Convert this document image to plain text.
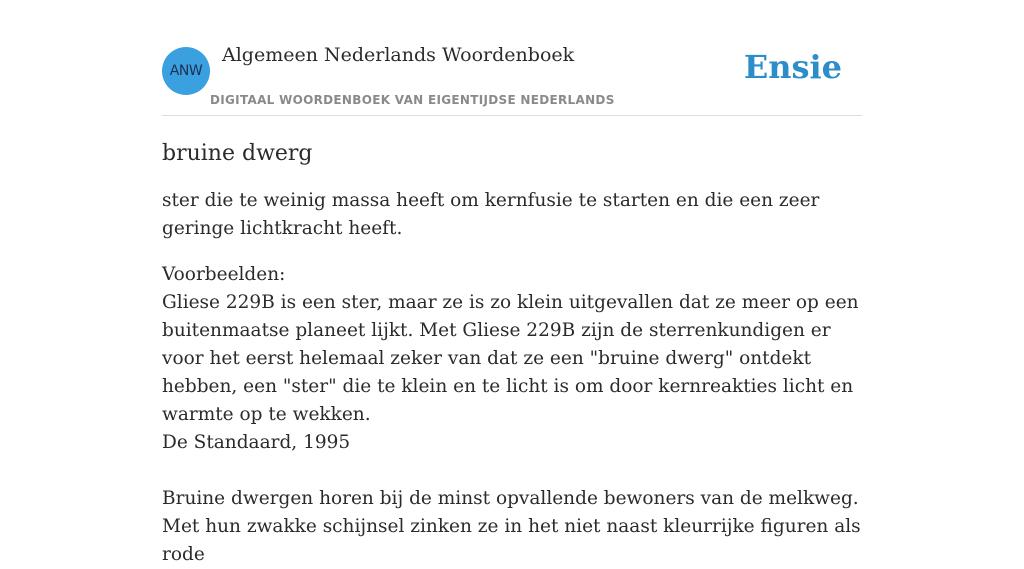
ANW
Algemeen Nederlands Woordenboek
DIGITAAL WOORDENBOEK VAN EIGENTIJDSE NEDERLANDS
Ensie
bruine dwerg

ster die te weinig massa heeft om kernfusie te starten en die een zeer geringe lichtkracht heeft.

Voorbeelden:
Gliese 229B is een ster, maar ze is zo klein uitgevallen dat ze meer op een buitenmaatse planeet lijkt. Met Gliese 229B zijn de sterrenkundigen er voor het eerst helemaal zeker van dat ze een "bruine dwerg" ontdekt hebben, een "ster" die te klein en te licht is om door kernreakties licht en warmte op te wekken.
De Standaard, 1995
Bruine dwergen horen bij de minst opvallende bewoners van de melkweg. Met hun zwakke schijnsel zinken ze in het niet naast kleurrijke figuren als rode
